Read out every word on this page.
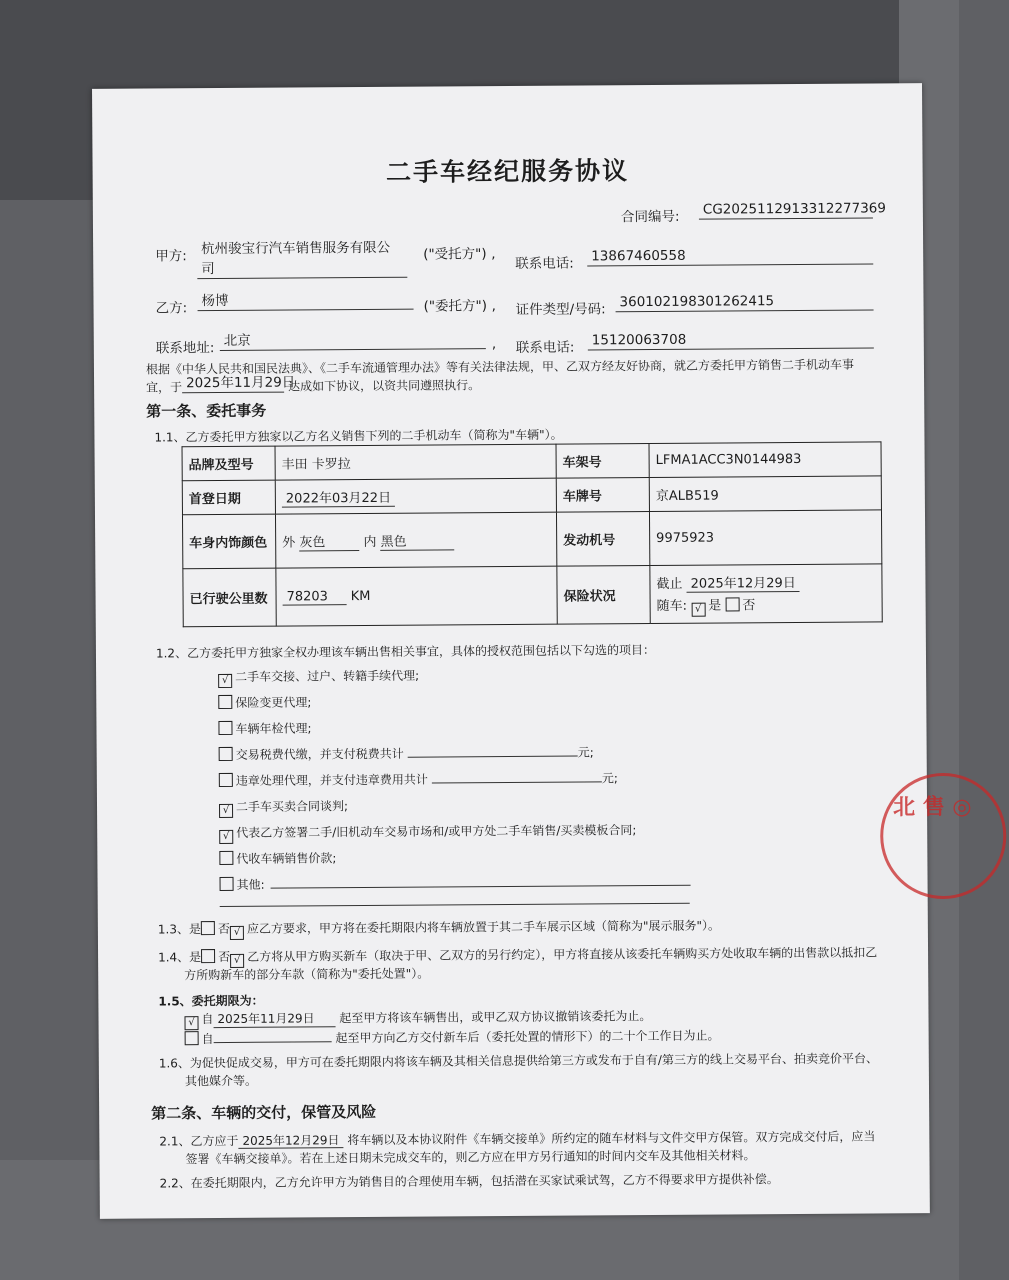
二手车经纪服务协议
合同编号: CG20251129133122773​69
甲方: 杭州骏宝行汽车销售服务有限公
司
("受托方") ,
联系电话: 13867460558
乙方: 杨博	("委托方") , 证件类型/号码: 360102198301262415
联系地址: 北京	, 联系电话: 15120063708
根据《中华人民共和国民法典》、《二手车流通管理办法》等有关法律法规，甲、乙双方经友好协商，就乙方委托甲方销售二手机动车事
宜，于 2025年11月29日
达成如下协议，以资共同遵照执行。
第一条、委托事务
1.1、乙方委托甲方独家以乙方名义销售下列的二手机动车（简称为"车辆"）。
品牌及型号	丰田 卡罗拉	车架号	LFMA1ACC3N0144983
首登日期	2022年03月22日	车牌号	京ALB519
车身内饰颜色	外 灰色 内 黑色	发动机号	9975923
已行驶公里数	78203 KM	保险状况	截止 2025年12月29日
随车: √ 是 否
1.2、乙方委托甲方独家全权办理该车辆出售相关事宜，具体的授权范围包括以下勾选的项目：
√ 二手车交接、过户、转籍手续代理;
保险变更代理;
车辆年检代理;
交易税费代缴，并支付税费共计	元;
违章处理代理，并支付违章费用共计	元;
√ 二手车买卖合同谈判;
√ 代表乙方签署二手/旧机动车交易市场和/或甲方处二手车销售/买卖模板合同;
代收车辆销售价款;
其他:
1.3、是 否 √ 应乙方要求，甲方将在委托期限内将车辆放置于其二手车展示区域（简称为"展示服务"）。
1.4、是 否 √ 乙方将从甲方购买新车（取决于甲、乙双方的另行约定），甲方将直接从该委托车辆购买方处收取车辆的出售款以抵扣乙
方所购新车的部分车款（简称为"委托处置"）。
1.5、委托期限为：
√ 自 2025年11月29日 起至甲方将该车辆售出，或甲乙双方协议撤销该委托为止。
自	起至甲方向乙方交付新车后（委托处置的情形下）的二十个工作日为止。
1.6、为促快促成交易，甲方可在委托期限内将该车辆及其相关信息提供给第三方或发布于自有/第三方的线上交易平台、拍卖竞价平台、
其他媒介等。
第二条、车辆的交付，保管及风险
2.1、乙方应于 2025年12月29日 将车辆以及本协议附件《车辆交接单》所约定的随车材料与文件交甲方保管。双方完成交付后，应当
签署《车辆交接单》。若在上述日期未完成交车的，则乙方应在甲方另行通知的时间内交车及其他相关材料。
2.2、在委托期限内，乙方允许甲方为销售目的合理使用车辆，包括潜在买家试乘试驾，乙方不得要求甲方提供补偿。
北 售 ◎
